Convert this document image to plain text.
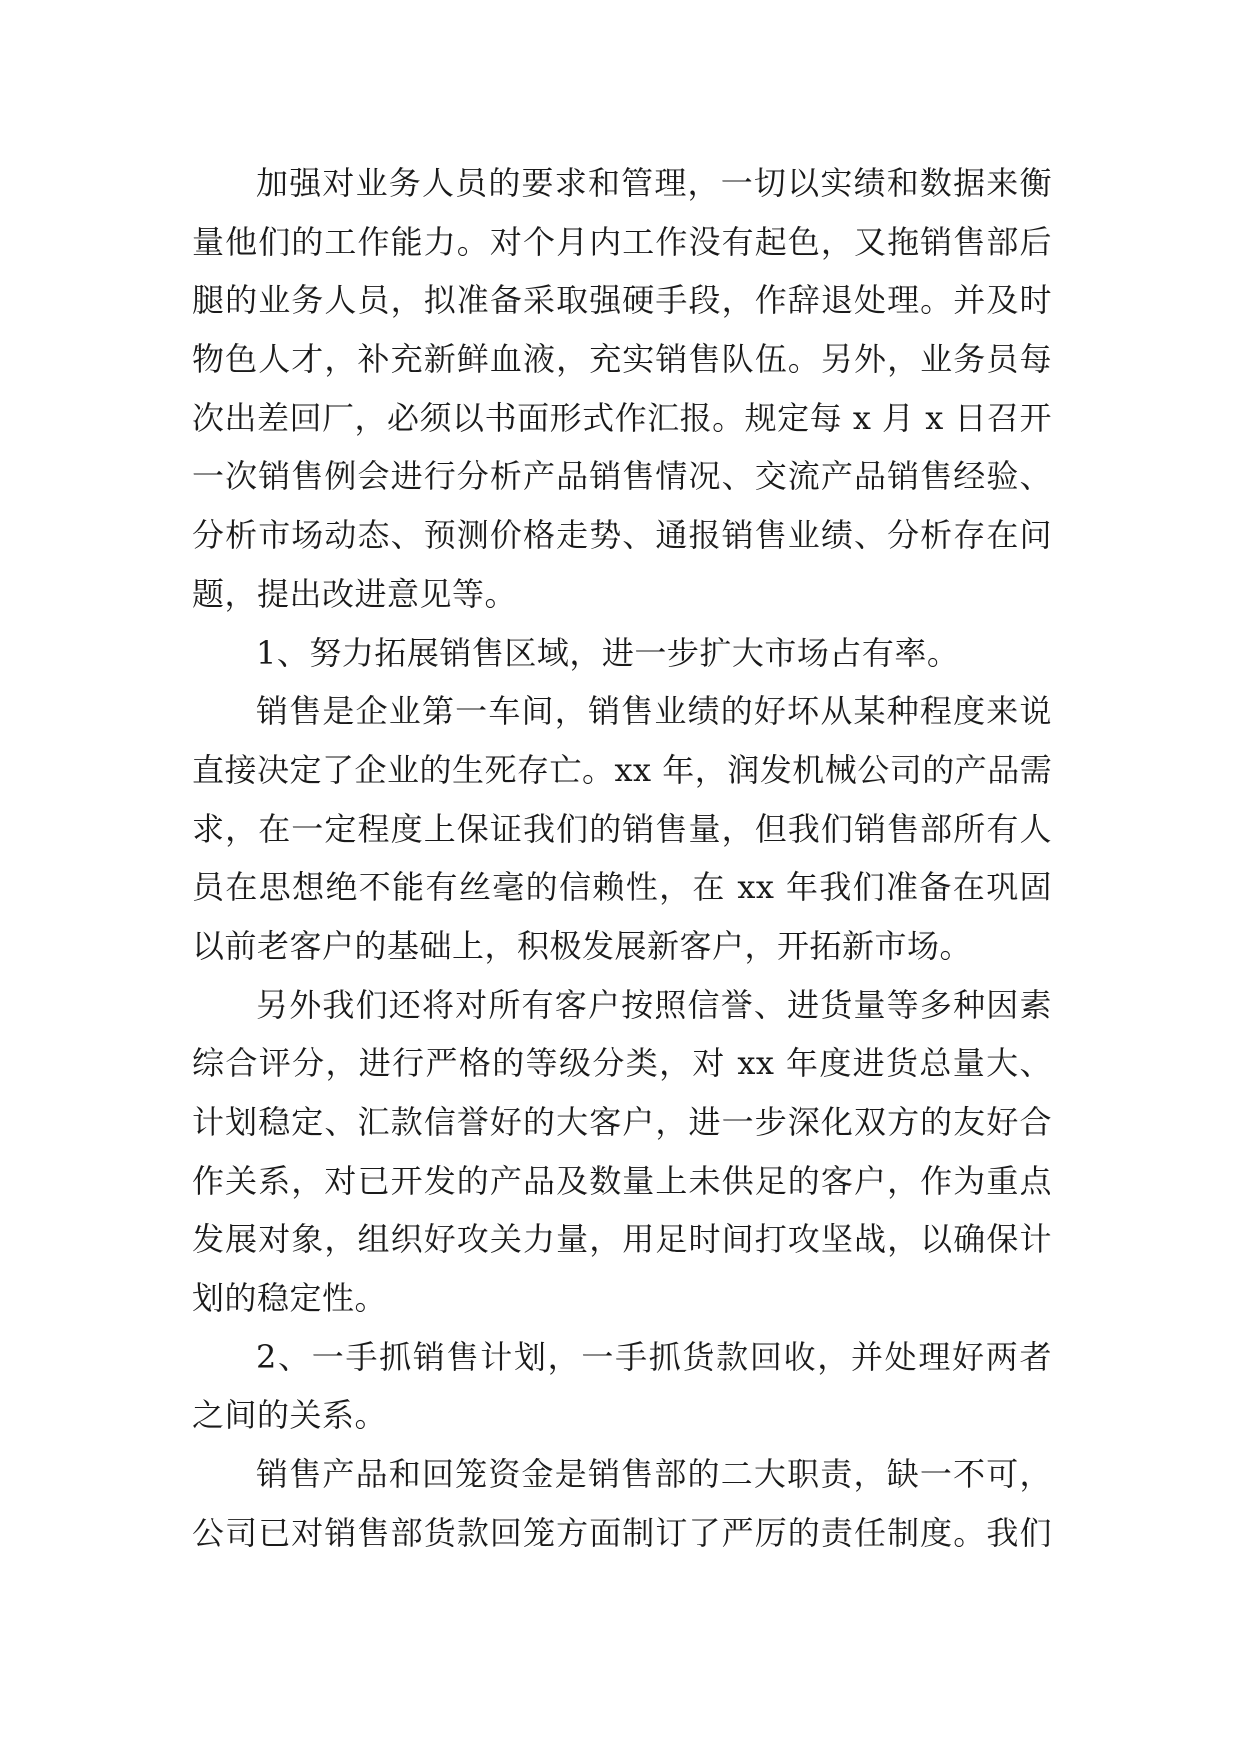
加强对业务人员的要求和管理，一切以实绩和数据来衡
量他们的工作能力。对个月内工作没有起色，又拖销售部后
腿的业务人员，拟准备采取强硬手段，作辞退处理。并及时
物色人才，补充新鲜血液，充实销售队伍。另外，业务员每
次出差回厂，必须以书面形式作汇报。规定每 x 月 x 日召开
一次销售例会进行分析产品销售情况、交流产品销售经验、
分析市场动态、预测价格走势、通报销售业绩、分析存在问
题，提出改进意见等。
1、努力拓展销售区域，进一步扩大市场占有率。
销售是企业第一车间，销售业绩的好坏从某种程度来说
直接决定了企业的生死存亡。xx 年，润发机械公司的产品需
求，在一定程度上保证我们的销售量，但我们销售部所有人
员在思想绝不能有丝毫的信赖性，在 xx 年我们准备在巩固
以前老客户的基础上，积极发展新客户，开拓新市场。
另外我们还将对所有客户按照信誉、进货量等多种因素
综合评分，进行严格的等级分类，对 xx 年度进货总量大、
计划稳定、汇款信誉好的大客户，进一步深化双方的友好合
作关系，对已开发的产品及数量上未供足的客户，作为重点
发展对象，组织好攻关力量，用足时间打攻坚战，以确保计
划的稳定性。
2、一手抓销售计划，一手抓货款回收，并处理好两者
之间的关系。
销售产品和回笼资金是销售部的二大职责，缺一不可，
公司已对销售部货款回笼方面制订了严厉的责任制度。我们
